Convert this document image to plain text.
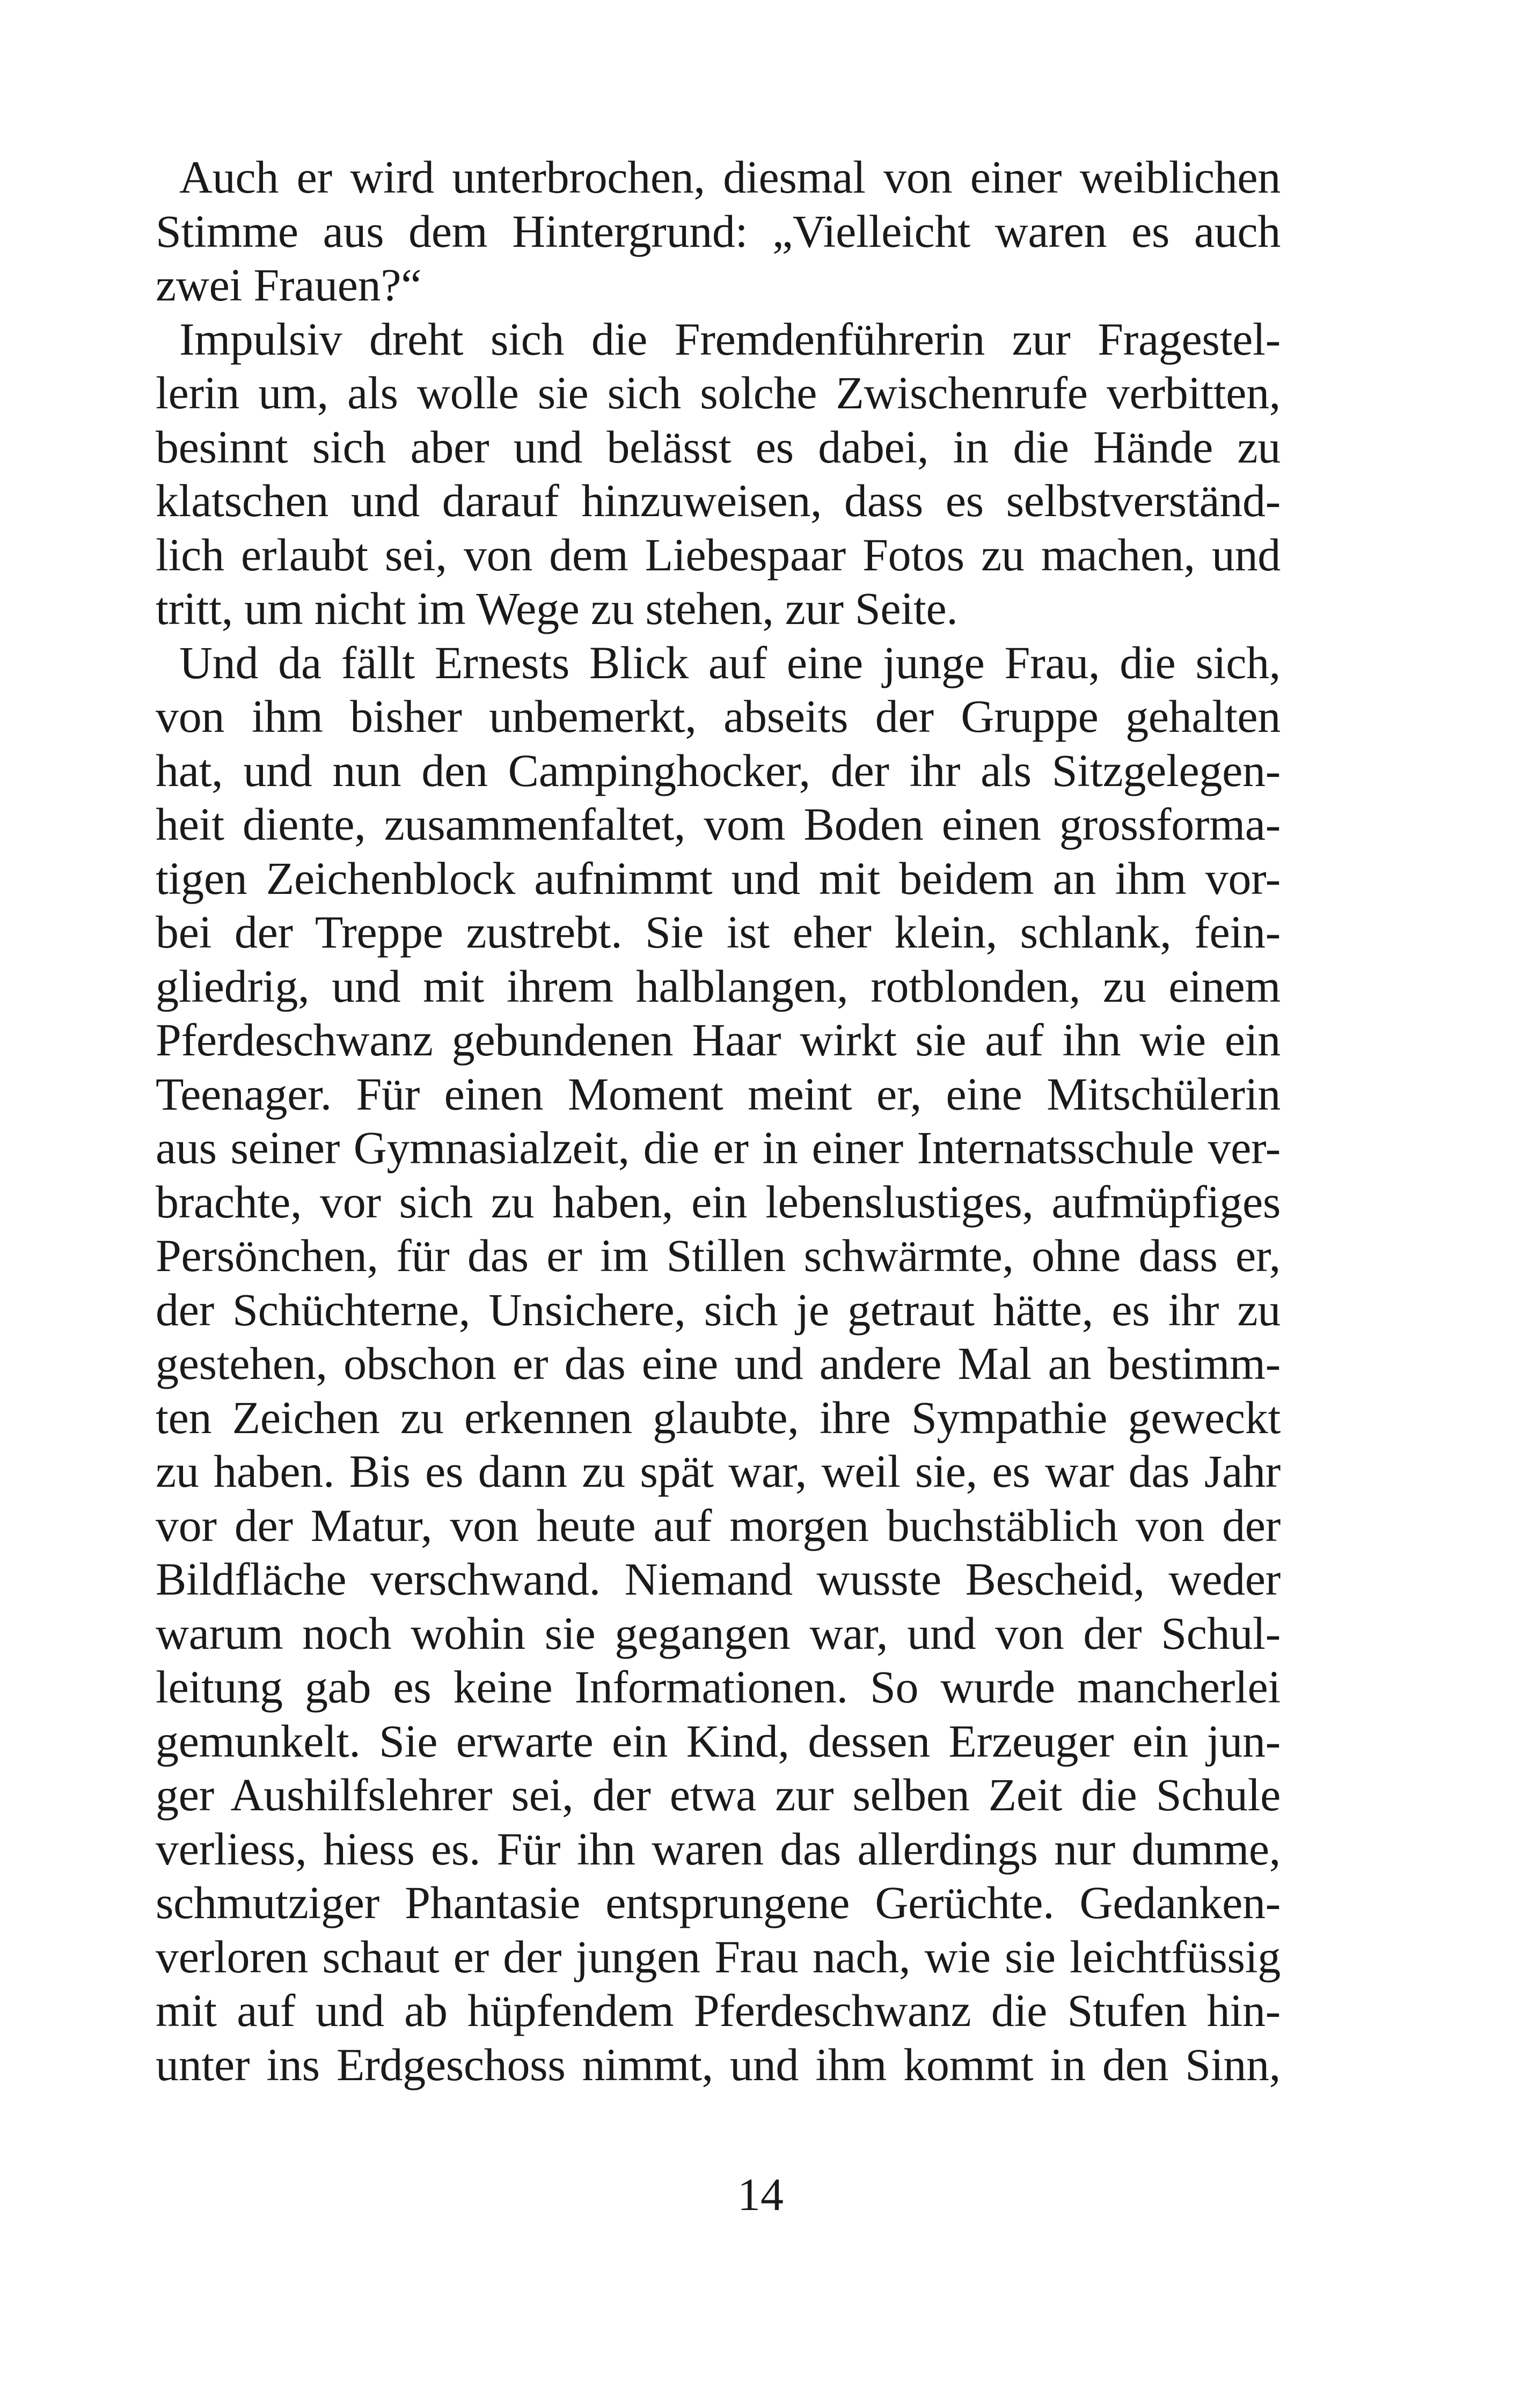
Auch er wird unterbrochen, diesmal von einer weiblichen
Stimme aus dem Hintergrund: „Vielleicht waren es auch
zwei Frauen?“
Impulsiv dreht sich die Fremdenführerin zur Fragestel-
lerin um, als wolle sie sich solche Zwischenrufe verbitten,
besinnt sich aber und belässt es dabei, in die Hände zu
klatschen und darauf hinzuweisen, dass es selbstverständ-
lich erlaubt sei, von dem Liebespaar Fotos zu machen, und
tritt, um nicht im Wege zu stehen, zur Seite.
Und da fällt Ernests Blick auf eine junge Frau, die sich,
von ihm bisher unbemerkt, abseits der Gruppe gehalten
hat, und nun den Campinghocker, der ihr als Sitzgelegen-
heit diente, zusammenfaltet, vom Boden einen grossforma-
tigen Zeichenblock aufnimmt und mit beidem an ihm vor-
bei der Treppe zustrebt. Sie ist eher klein, schlank, fein-
gliedrig, und mit ihrem halblangen, rotblonden, zu einem
Pferdeschwanz gebundenen Haar wirkt sie auf ihn wie ein
Teenager. Für einen Moment meint er, eine Mitschülerin
aus seiner Gymnasialzeit, die er in einer Internatsschule ver-
brachte, vor sich zu haben, ein lebenslustiges, aufmüpfiges
Persönchen, für das er im Stillen schwärmte, ohne dass er,
der Schüchterne, Unsichere, sich je getraut hätte, es ihr zu
gestehen, obschon er das eine und andere Mal an bestimm-
ten Zeichen zu erkennen glaubte, ihre Sympathie geweckt
zu haben. Bis es dann zu spät war, weil sie, es war das Jahr
vor der Matur, von heute auf morgen buchstäblich von der
Bildfläche verschwand. Niemand wusste Bescheid, weder
warum noch wohin sie gegangen war, und von der Schul-
leitung gab es keine Informationen. So wurde mancherlei
gemunkelt. Sie erwarte ein Kind, dessen Erzeuger ein jun-
ger Aushilfslehrer sei, der etwa zur selben Zeit die Schule
verliess, hiess es. Für ihn waren das allerdings nur dumme,
schmutziger Phantasie entsprungene Gerüchte. Gedanken-
verloren schaut er der jungen Frau nach, wie sie leichtfüssig
mit auf und ab hüpfendem Pferdeschwanz die Stufen hin-
unter ins Erdgeschoss nimmt, und ihm kommt in den Sinn,
14
